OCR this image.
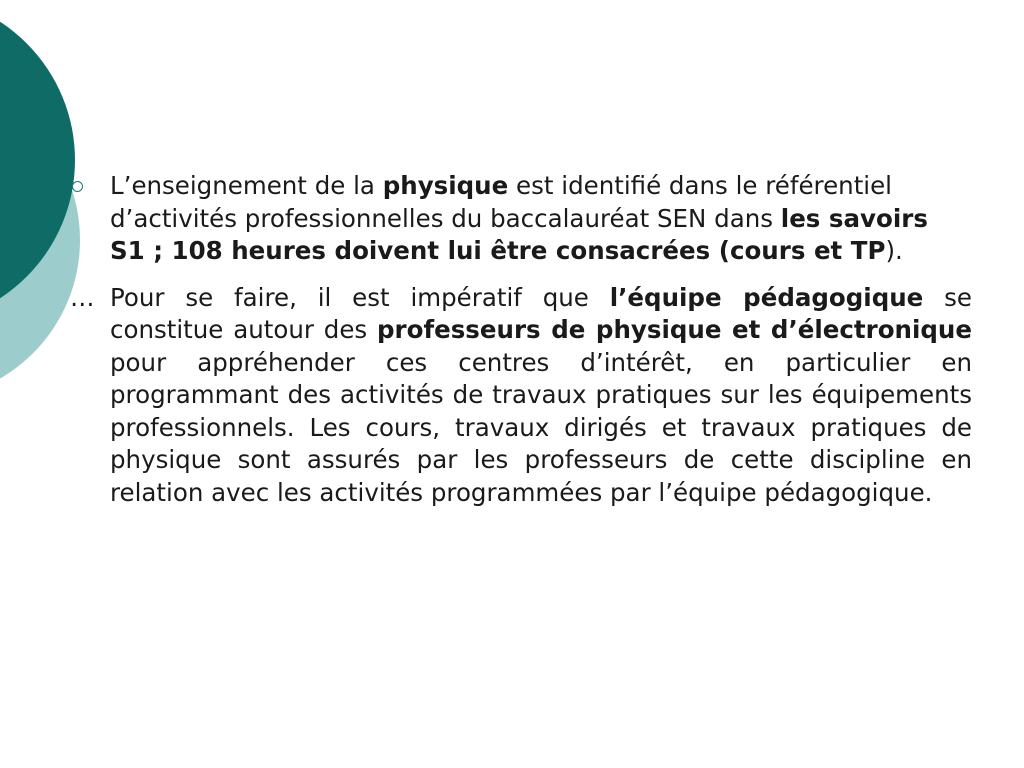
L’enseignement de la physique est identifié dans le référentiel d’activités professionnelles du baccalauréat SEN dans les savoirs S1 ; 108 heures doivent lui être consacrées (cours et TP).
… Pour se faire, il est impératif que l’équipe pédagogique se constitue autour des professeurs de physique et d’électronique pour appréhender ces centres d’intérêt, en particulier en programmant des activités de travaux pratiques sur les équipements professionnels. Les cours, travaux dirigés et travaux pratiques de physique sont assurés par les professeurs de cette discipline en relation avec les activités programmées par l’équipe pédagogique.
